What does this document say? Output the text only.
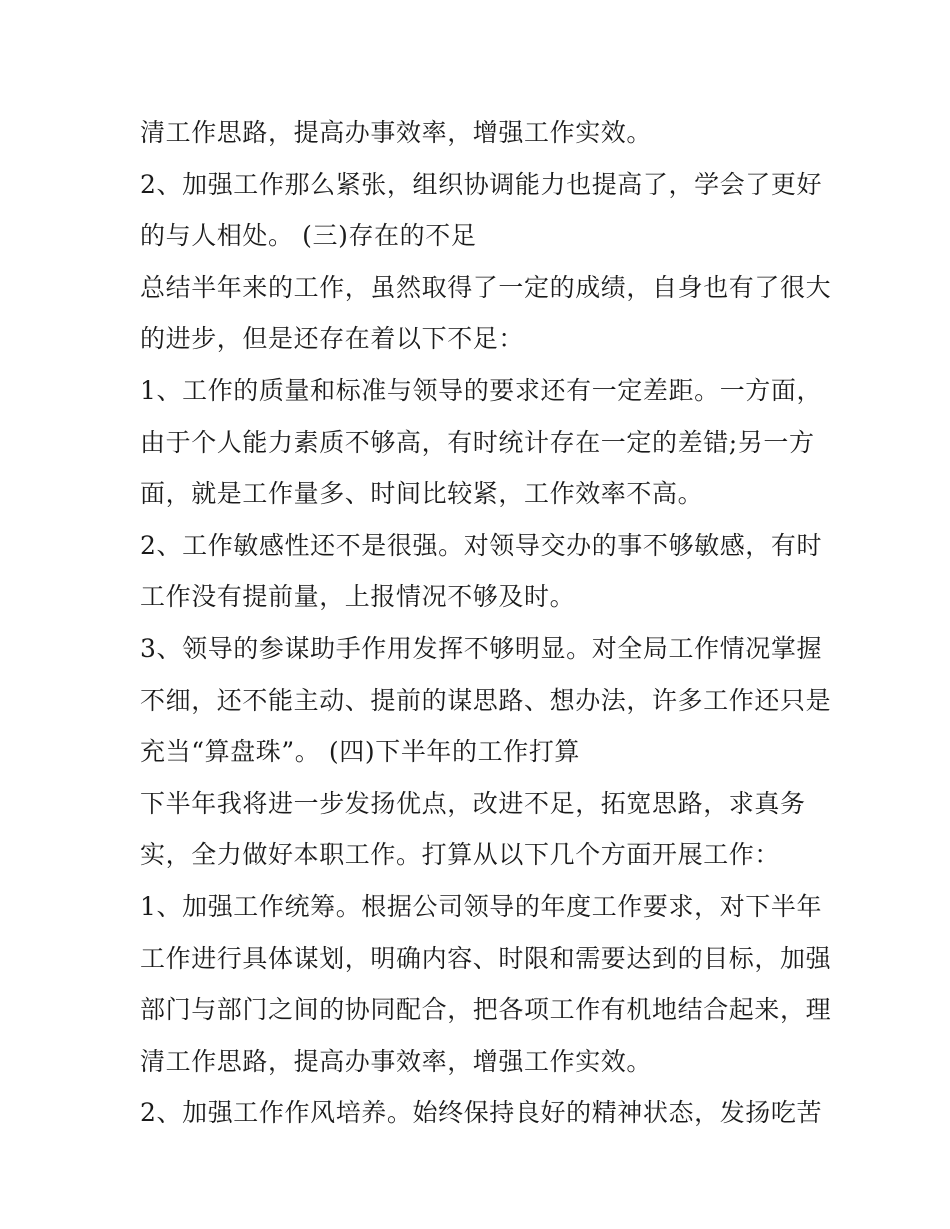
清工作思路，提高办事效率，增强工作实效。
2、加强工作那么紧张，组织协调能力也提高了，学会了更好
的与人相处。 (三)存在的不足
总结半年来的工作，虽然取得了一定的成绩，自身也有了很大
的进步，但是还存在着以下不足：
1、工作的质量和标准与领导的要求还有一定差距。一方面，
由于个人能力素质不够高，有时统计存在一定的差错;另一方
面，就是工作量多、时间比较紧，工作效率不高。
2、工作敏感性还不是很强。对领导交办的事不够敏感，有时
工作没有提前量，上报情况不够及时。
3、领导的参谋助手作用发挥不够明显。对全局工作情况掌握
不细，还不能主动、提前的谋思路、想办法，许多工作还只是
充当“算盘珠”。 (四)下半年的工作打算
下半年我将进一步发扬优点，改进不足，拓宽思路，求真务
实，全力做好本职工作。打算从以下几个方面开展工作：
1、加强工作统筹。根据公司领导的年度工作要求，对下半年
工作进行具体谋划，明确内容、时限和需要达到的目标，加强
部门与部门之间的协同配合，把各项工作有机地结合起来，理
清工作思路，提高办事效率，增强工作实效。
2、加强工作作风培养。始终保持良好的精神状态，发扬吃苦
